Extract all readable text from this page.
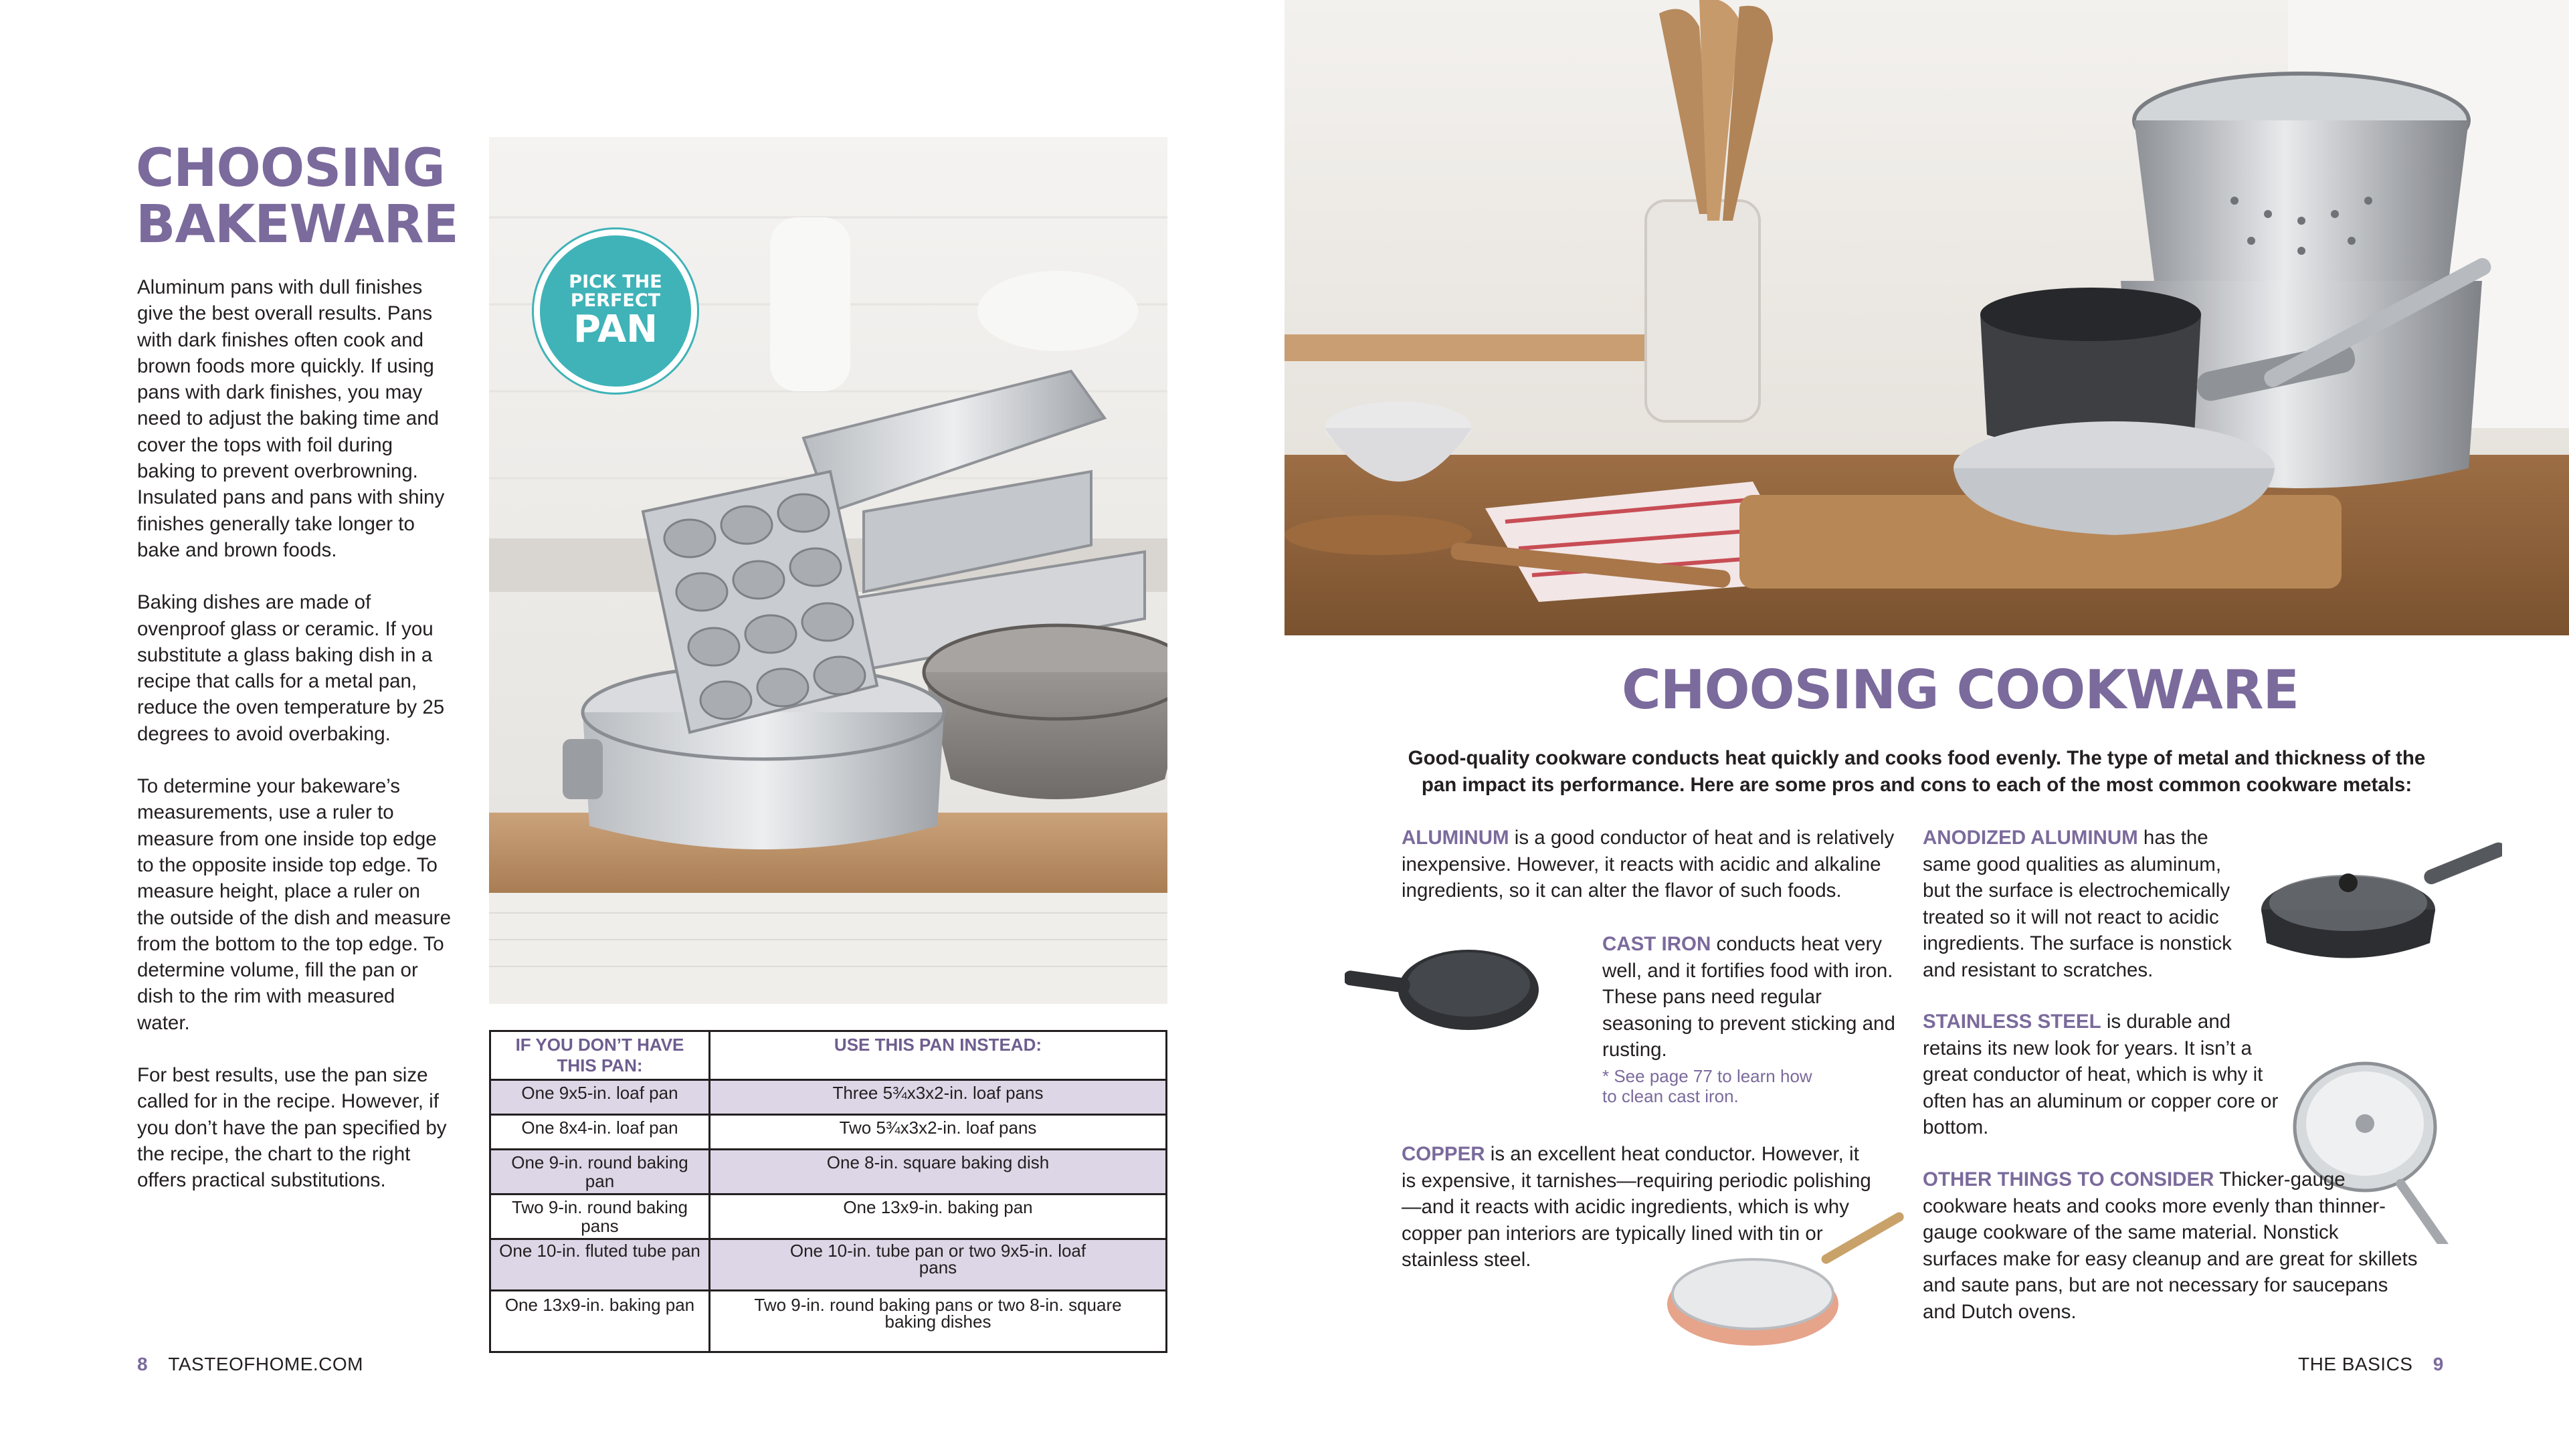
CHOOSING
BAKEWARE

Aluminum pans with dull finishes give the best overall results. Pans with dark finishes often cook and brown foods more quickly. If using pans with dark finishes, you may need to adjust the baking time and cover the tops with foil during baking to prevent overbrowning. Insulated pans and pans with shiny finishes generally take longer to bake and brown foods.

Baking dishes are made of ovenproof glass or ceramic. If you substitute a glass baking dish in a recipe that calls for a metal pan, reduce the oven temperature by 25 degrees to avoid overbaking.

To determine your bakeware’s measurements, use a ruler to measure from one inside top edge to the opposite inside top edge. To measure height, place a ruler on the outside of the dish and measure from the bottom to the top edge. To determine volume, fill the pan or dish to the rim with measured water.

For best results, use the pan size called for in the recipe. However, if you don’t have the pan specified by the recipe, the chart to the right offers practical substitutions.

PICK THE
PERFECT
PAN
IF YOU DON’T HAVE THIS PAN:	USE THIS PAN INSTEAD:
One 9x5-in. loaf pan	Three 5¾x3x2-in. loaf pans
One 8x4-in. loaf pan	Two 5¾x3x2-in. loaf pans
One 9-in. round baking pan	One 8-in. square baking dish
Two 9-in. round baking pans	One 13x9-in. baking pan
One 10-in. fluted tube pan	One 10-in. tube pan or two 9x5-in. loaf pans
One 13x9-in. baking pan	Two 9-in. round baking pans or two 8-in. square baking dishes
8 TASTEOFHOME.COM
CHOOSING COOKWARE
Good-quality cookware conducts heat quickly and cooks food evenly. The type of metal and thickness of the pan impact its performance. Here are some pros and cons to each of the most common cookware metals:
ALUMINUM is a good conductor of heat and is relatively inexpensive. However, it reacts with acidic and alkaline ingredients, so it can alter the flavor of such foods.
CAST IRON conducts heat very well, and it fortifies food with iron. These pans need regular seasoning to prevent sticking and rusting.
* See page 77 to learn how to clean cast iron.
COPPER is an excellent heat conductor. However, it is expensive, it tarnishes—requiring periodic polishing—and it reacts with acidic ingredients, which is why copper pan interiors are typically lined with tin or stainless steel.
ANODIZED ALUMINUM has the same good qualities as aluminum, but the surface is electrochemically treated so it will not react to acidic ingredients. The surface is nonstick and resistant to scratches.
STAINLESS STEEL is durable and retains its new look for years. It isn’t a great conductor of heat, which is why it often has an aluminum or copper core or bottom.
OTHER THINGS TO CONSIDER Thicker-gauge cookware heats and cooks more evenly than thinner-gauge cookware of the same material. Nonstick surfaces make for easy cleanup and are great for skillets and saute pans, but are not necessary for saucepans and Dutch ovens.
THE BASICS 9
